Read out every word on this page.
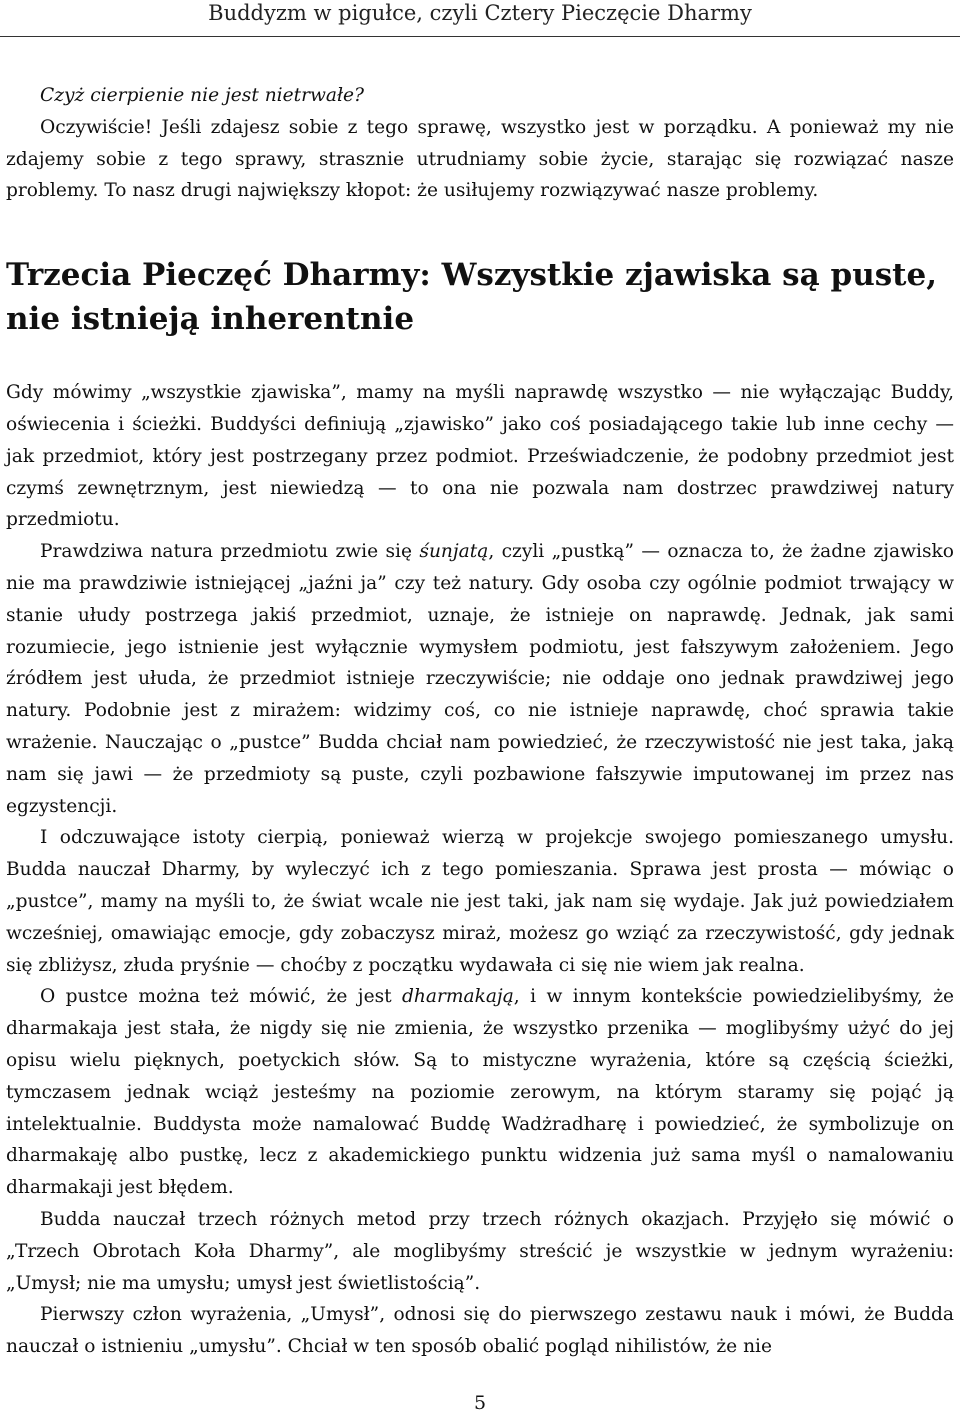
Buddyzm w pigułce, czyli Cztery Pieczęcie Dharmy

Czyż cierpienie nie jest nietrwałe?

Oczywiście! Jeśli zdajesz sobie z tego sprawę, wszystko jest w porządku. A ponieważ my nie zdajemy sobie z tego sprawy, strasznie utrudniamy sobie życie, starając się rozwiązać nasze problemy. To nasz drugi największy kłopot: że usiłujemy rozwiązywać nasze problemy.

Trzecia Pieczęć Dharmy: Wszystkie zjawiska są puste, nie istnieją inherentnie

Gdy mówimy „wszystkie zjawiska”, mamy na myśli naprawdę wszystko — nie wyłączając Buddy, oświecenia i ścieżki. Buddyści definiują „zjawisko” jako coś posiadającego takie lub inne cechy — jak przedmiot, który jest postrzegany przez podmiot. Przeświadczenie, że podobny przedmiot jest czymś zewnętrznym, jest niewiedzą — to ona nie pozwala nam dostrzec prawdziwej natury przedmiotu.

Prawdziwa natura przedmiotu zwie się śunjatą, czyli „pustką” — oznacza to, że żadne zjawisko nie ma prawdziwie istniejącej „jaźni ja” czy też natury. Gdy osoba czy ogólnie podmiot trwający w stanie ułudy postrzega jakiś przedmiot, uznaje, że istnieje on naprawdę. Jednak, jak sami rozumiecie, jego istnienie jest wyłącznie wymysłem podmiotu, jest fałszywym założeniem. Jego źródłem jest ułuda, że przedmiot istnieje rzeczywiście; nie oddaje ono jednak prawdziwej jego natury. Podobnie jest z mirażem: widzimy coś, co nie istnieje naprawdę, choć sprawia takie wrażenie. Nauczając o „pustce” Budda chciał nam powiedzieć, że rzeczywistość nie jest taka, jaką nam się jawi — że przedmioty są puste, czyli pozbawione fałszywie imputowanej im przez nas egzystencji.

I odczuwające istoty cierpią, ponieważ wierzą w projekcje swojego pomieszanego umysłu. Budda nauczał Dharmy, by wyleczyć ich z tego pomieszania. Sprawa jest prosta — mówiąc o „pustce”, mamy na myśli to, że świat wcale nie jest taki, jak nam się wydaje. Jak już powiedziałem wcześniej, omawiając emocje, gdy zobaczysz miraż, możesz go wziąć za rzeczywistość, gdy jednak się zbliżysz, złuda pryśnie — choćby z początku wydawała ci się nie wiem jak realna.

O pustce można też mówić, że jest dharmakają, i w innym kontekście powiedzielibyśmy, że dharmakaja jest stała, że nigdy się nie zmienia, że wszystko przenika — moglibyśmy użyć do jej opisu wielu pięknych, poetyckich słów. Są to mistyczne wyrażenia, które są częścią ścieżki, tymczasem jednak wciąż jesteśmy na poziomie zerowym, na którym staramy się pojąć ją intelektualnie. Buddysta może namalować Buddę Wadżradharę i powiedzieć, że symbolizuje on dharmakaję albo pustkę, lecz z akademickiego punktu widzenia już sama myśl o namalowaniu dharmakaji jest błędem.

Budda nauczał trzech różnych metod przy trzech różnych okazjach. Przyjęło się mówić o „Trzech Obrotach Koła Dharmy”, ale moglibyśmy streścić je wszystkie w jednym wyrażeniu: „Umysł; nie ma umysłu; umysł jest świetlistością”.

Pierwszy człon wyrażenia, „Umysł”, odnosi się do pierwszego zestawu nauk i mówi, że Budda nauczał o istnieniu „umysłu”. Chciał w ten sposób obalić pogląd nihilistów, że nie

5
